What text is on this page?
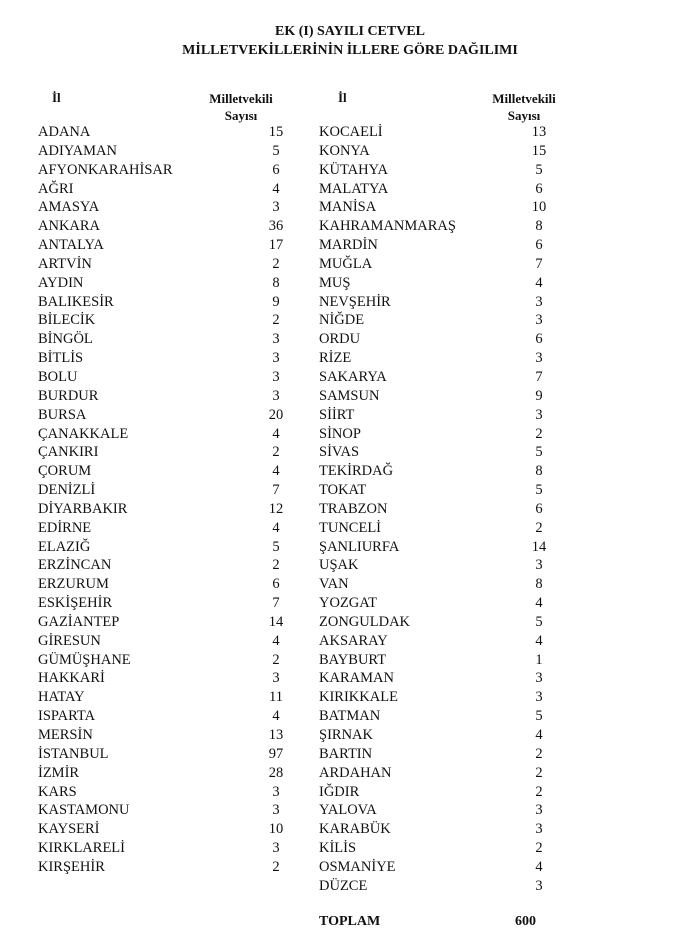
EK (I) SAYILI CETVEL
MİLLETVEKİLLERİNİN İLLERE GÖRE DAĞILIMI
İl	Milletvekili
Sayısı
İl	Milletvekili
Sayısı
ADANA	15
ADIYAMAN	5
AFYONKARAHİSAR	6
AĞRI	4
AMASYA	3
ANKARA	36
ANTALYA	17
ARTVİN	2
AYDIN	8
BALIKESİR	9
BİLECİK	2
BİNGÖL	3
BİTLİS	3
BOLU	3
BURDUR	3
BURSA	20
ÇANAKKALE	4
ÇANKIRI	2
ÇORUM	4
DENİZLİ	7
DİYARBAKIR	12
EDİRNE	4
ELAZIĞ	5
ERZİNCAN	2
ERZURUM	6
ESKİŞEHİR	7
GAZİANTEP	14
GİRESUN	4
GÜMÜŞHANE	2
HAKKARİ	3
HATAY	11
ISPARTA	4
MERSİN	13
İSTANBUL	97
İZMİR	28
KARS	3
KASTAMONU	3
KAYSERİ	10
KIRKLARELİ	3
KIRŞEHİR	2
KOCAELİ	13
KONYA	15
KÜTAHYA	5
MALATYA	6
MANİSA	10
KAHRAMANMARAŞ	8
MARDİN	6
MUĞLA	7
MUŞ	4
NEVŞEHİR	3
NİĞDE	3
ORDU	6
RİZE	3
SAKARYA	7
SAMSUN	9
SİİRT	3
SİNOP	2
SİVAS	5
TEKİRDAĞ	8
TOKAT	5
TRABZON	6
TUNCELİ	2
ŞANLIURFA	14
UŞAK	3
VAN	8
YOZGAT	4
ZONGULDAK	5
AKSARAY	4
BAYBURT	1
KARAMAN	3
KIRIKKALE	3
BATMAN	5
ŞIRNAK	4
BARTIN	2
ARDAHAN	2
IĞDIR	2
YALOVA	3
KARABÜK	3
KİLİS	2
OSMANİYE	4
DÜZCE	3
TOPLAM	600
